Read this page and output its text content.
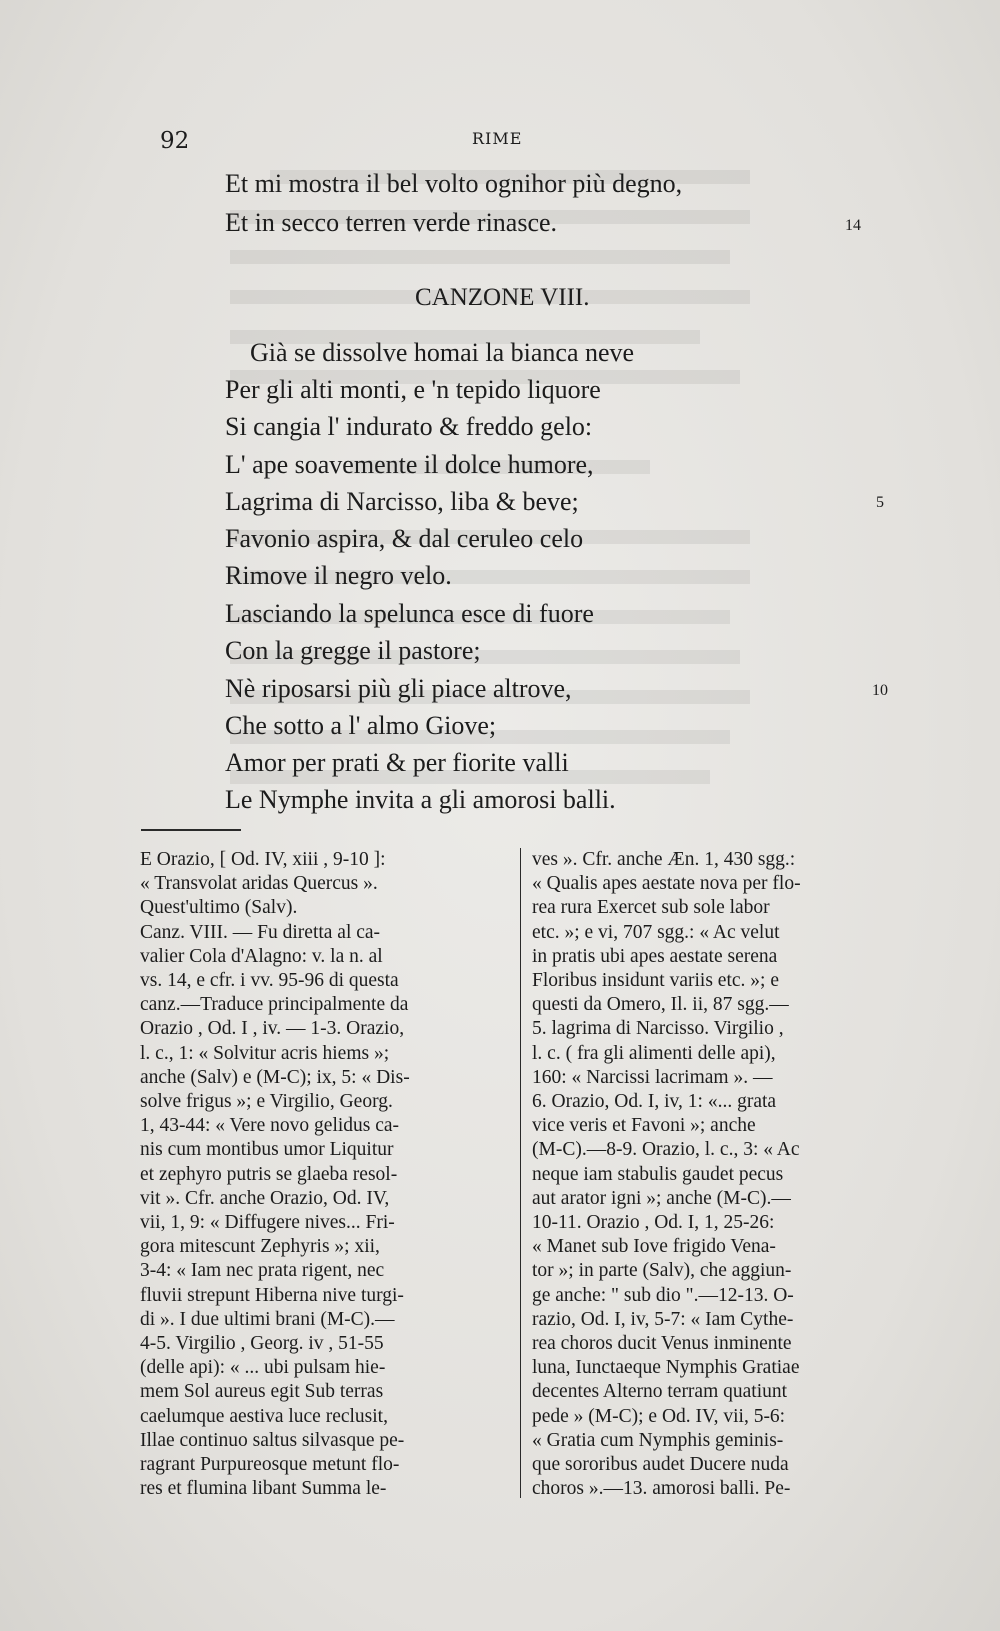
92	RIME
Et mi mostra il bel volto ognihor più degno,
Et in secco terren verde rinasce.	14
CANZONE VIII.
Già se dissolve homai la bianca neve
Per gli alti monti, e 'n tepido liquore
Si cangia l' indurato & freddo gelo:
L' ape soavemente il dolce humore,
Lagrima di Narcisso, liba & beve;	5
Favonio aspira, & dal ceruleo celo
Rimove il negro velo.
Lasciando la spelunca esce di fuore
Con la gregge il pastore;
Nè riposarsi più gli piace altrove,	10
Che sotto a l' almo Giove;
Amor per prati & per fiorite valli
Le Nymphe invita a gli amorosi balli.
E Orazio, [ Od. IV, xiii , 9-10 ]:
« Transvolat aridas Quercus ».
Quest'ultimo (Salv).
Canz. VIII. — Fu diretta al ca-
valier Cola d'Alagno: v. la n. al
vs. 14, e cfr. i vv. 95-96 di questa
canz.—Traduce principalmente da
Orazio , Od. I , iv. — 1-3. Orazio,
l. c., 1: « Solvitur acris hiems »;
anche (Salv) e (M-C); ix, 5: « Dis-
solve frigus »; e Virgilio, Georg.
1, 43-44: « Vere novo gelidus ca-
nis cum montibus umor Liquitur
et zephyro putris se glaeba resol-
vit ». Cfr. anche Orazio, Od. IV,
vii, 1, 9: « Diffugere nives... Fri-
gora mitescunt Zephyris »; xii,
3-4: « Iam nec prata rigent, nec
fluvii strepunt Hiberna nive turgi-
di ». I due ultimi brani (M-C).—
4-5. Virgilio , Georg. iv , 51-55
(delle api): « ... ubi pulsam hie-
mem Sol aureus egit Sub terras
caelumque aestiva luce reclusit,
Illae continuo saltus silvasque pe-
ragrant Purpureosque metunt flo-
res et flumina libant Summa le-
ves ». Cfr. anche Æn. 1, 430 sgg.:
« Qualis apes aestate nova per flo-
rea rura Exercet sub sole labor
etc. »; e vi, 707 sgg.: « Ac velut
in pratis ubi apes aestate serena
Floribus insidunt variis etc. »; e
questi da Omero, Il. ii, 87 sgg.—
5. lagrima di Narcisso. Virgilio ,
l. c. ( fra gli alimenti delle api),
160: « Narcissi lacrimam ». —
6. Orazio, Od. I, iv, 1: «... grata
vice veris et Favoni »; anche
(M-C).—8-9. Orazio, l. c., 3: « Ac
neque iam stabulis gaudet pecus
aut arator igni »; anche (M-C).—
10-11. Orazio , Od. I, 1, 25-26:
« Manet sub Iove frigido Vena-
tor »; in parte (Salv), che aggiun-
ge anche: " sub dio ".—12-13. O-
razio, Od. I, iv, 5-7: « Iam Cythe-
rea choros ducit Venus inminente
luna, Iunctaeque Nymphis Gratiae
decentes Alterno terram quatiunt
pede » (M-C); e Od. IV, vii, 5-6:
« Gratia cum Nymphis geminis-
que sororibus audet Ducere nuda
choros ».—13. amorosi balli. Pe-
